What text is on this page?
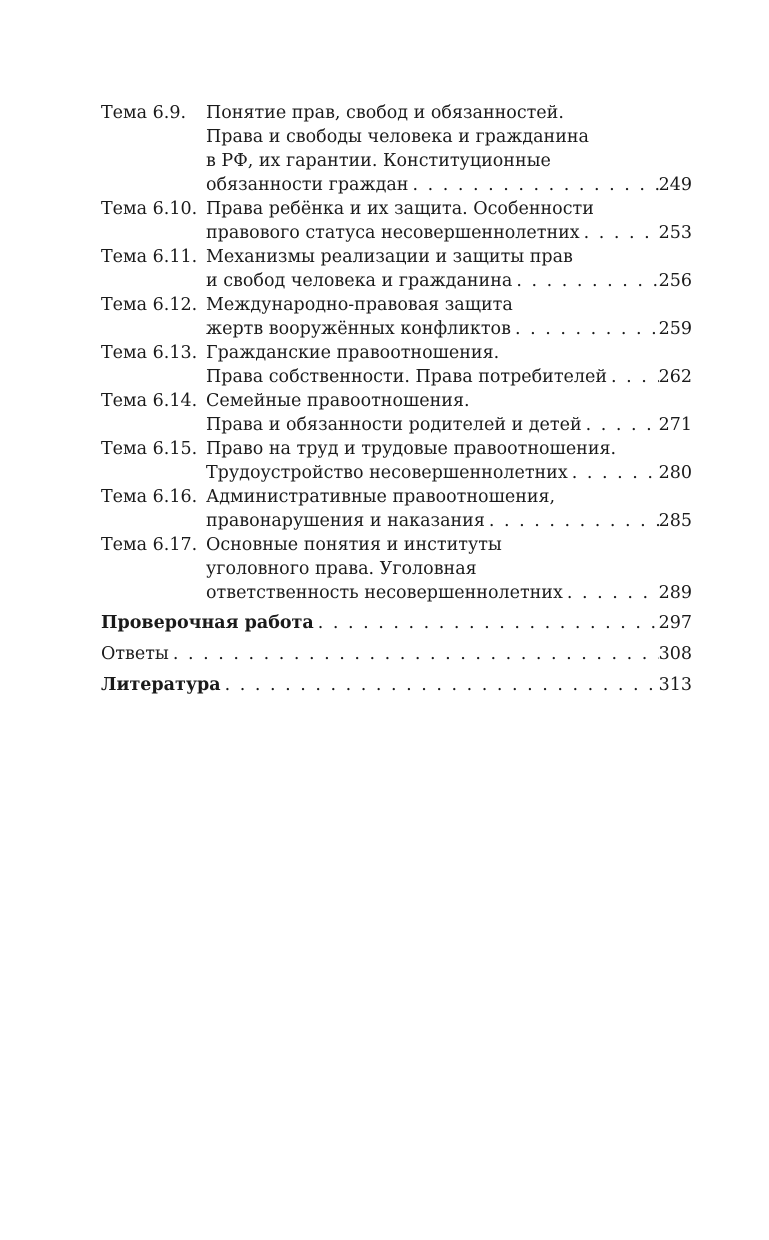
Тема 6.9.	Понятие прав, свобод и обязанностей.
Права и свободы человека и гражданина
в РФ, их гарантии. Конституционные
обязанности граждан . . .	249
Тема 6.10. Права ребёнка и их защита. Особенности
правового статуса несовершеннолетних . . .	253
Тема 6.11. Механизмы реализации и защиты прав
и свобод человека и гражданина . . .	256
Тема 6.12. Международно-правовая защита
жертв вооружённых конфликтов . . .	259
Тема 6.13. Гражданские правоотношения.
Права собственности. Права потребителей . . .	262
Тема 6.14. Семейные правоотношения.
Права и обязанности родителей и детей . . .	271
Тема 6.15. Право на труд и трудовые правоотношения.
Трудоустройство несовершеннолетних . . .	280
Тема 6.16. Административные правоотношения,
правонарушения и наказания . . .	285
Тема 6.17. Основные понятия и институты
уголовного права. Уголовная
ответственность несовершеннолетних . . .	289
Проверочная работа . . .	297
Ответы . . .	308
Литература . . .	313
